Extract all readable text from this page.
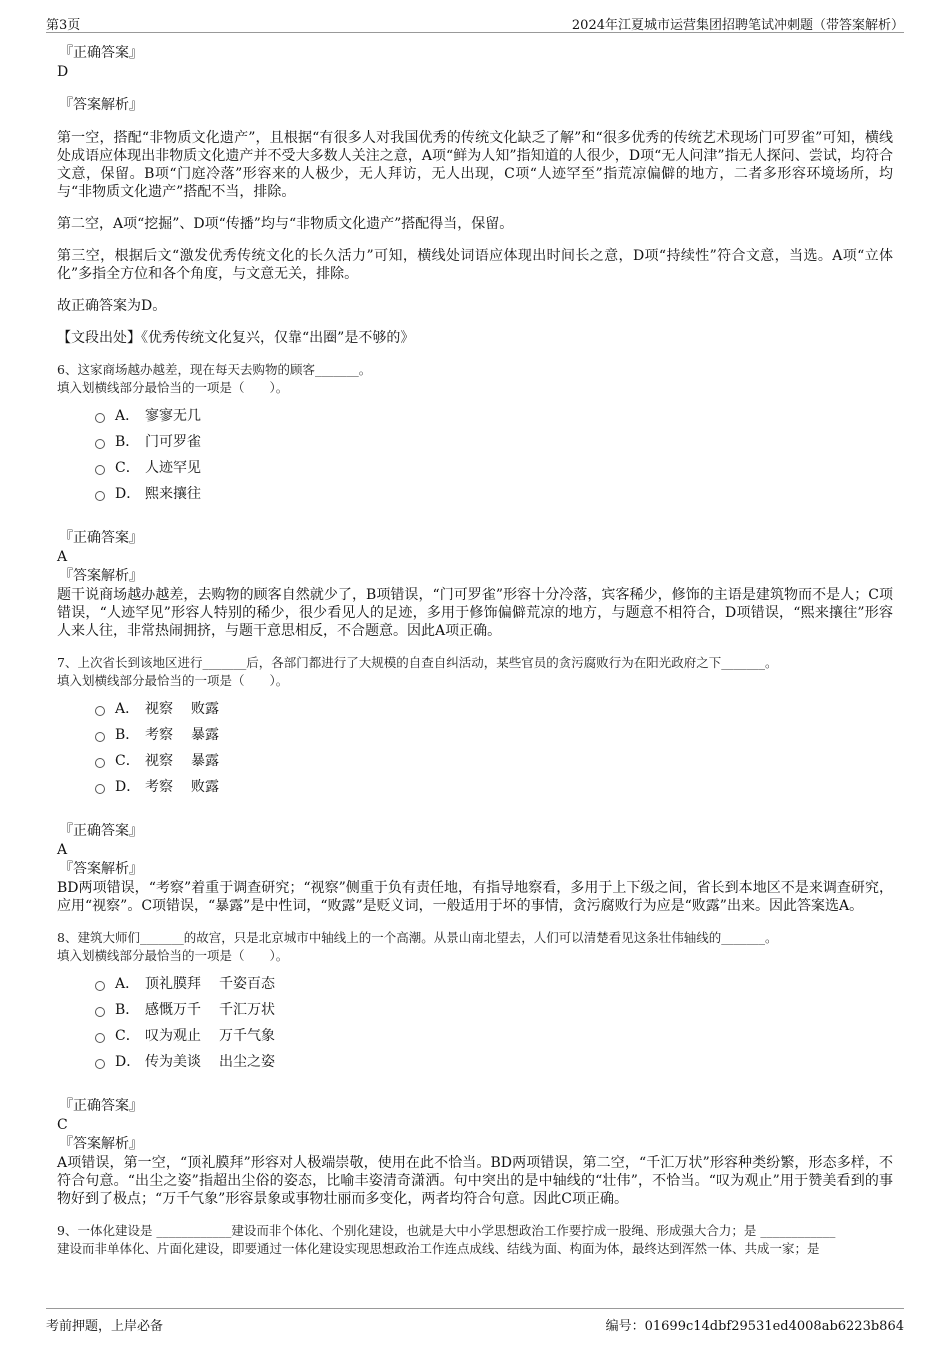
第3页	2024年江夏城市运营集团招聘笔试冲刺题（带答案解析）

『正确答案』

D

『答案解析』

第一空，搭配“非物质文化遗产”，且根据“有很多人对我国优秀的传统文化缺乏了解”和“很多优秀的传统艺术现场门可罗雀”可知，横线处成语应体现出非物质文化遗产并不受大多数人关注之意，A项“鲜为人知”指知道的人很少，D项“无人问津”指无人探问、尝试，均符合文意，保留。B项“门庭冷落”形容来的人极少，无人拜访，无人出现，C项“人迹罕至”指荒凉偏僻的地方，二者多形容环境场所，均与“非物质文化遗产”搭配不当，排除。

第二空，A项“挖掘”、D项“传播”均与“非物质文化遗产”搭配得当，保留。

第三空，根据后文“激发优秀传统文化的长久活力”可知，横线处词语应体现出时间长之意，D项“持续性”符合文意，当选。A项“立体化”多指全方位和各个角度，与文意无关，排除。

故正确答案为D。

【文段出处】《优秀传统文化复兴，仅靠“出圈”是不够的》

6、这家商场越办越差，现在每天去购物的顾客_______。

填入划横线部分最恰当的一项是（　　）。

A． 寥寥无几
B． 门可罗雀
C． 人迹罕见
D． 熙来攘往

『正确答案』

A

『答案解析』

题干说商场越办越差，去购物的顾客自然就少了，B项错误，“门可罗雀”形容十分冷落，宾客稀少，修饰的主语是建筑物而不是人；C项错误，“人迹罕见”形容人特别的稀少，很少看见人的足迹，多用于修饰偏僻荒凉的地方，与题意不相符合，D项错误，“熙来攘往”形容人来人往，非常热闹拥挤，与题干意思相反，不合题意。因此A项正确。

7、上次省长到该地区进行_______后，各部门都进行了大规模的自查自纠活动，某些官员的贪污腐败行为在阳光政府之下_______。

填入划横线部分最恰当的一项是（　　）。

A． 视察 败露
B． 考察 暴露
C． 视察 暴露
D． 考察 败露

『正确答案』

A

『答案解析』

BD两项错误，“考察”着重于调查研究；“视察”侧重于负有责任地，有指导地察看，多用于上下级之间，省长到本地区不是来调查研究，应用“视察”。C项错误，“暴露”是中性词，“败露”是贬义词，一般适用于坏的事情，贪污腐败行为应是“败露”出来。因此答案选A。

8、建筑大师们_______的故宫，只是北京城市中轴线上的一个高潮。从景山南北望去，人们可以清楚看见这条壮伟轴线的_______。

填入划横线部分最恰当的一项是（　　）。

A． 顶礼膜拜 千姿百态
B． 感慨万千 千汇万状
C． 叹为观止 万千气象
D． 传为美谈 出尘之姿

『正确答案』

C

『答案解析』

A项错误，第一空，“顶礼膜拜”形容对人极端崇敬，使用在此不恰当。BD两项错误，第二空，“千汇万状”形容种类纷繁，形态多样，不符合句意。“出尘之姿”指超出尘俗的姿态，比喻丰姿清奇潇洒。句中突出的是中轴线的“壮伟”，不恰当。“叹为观止”用于赞美看到的事物好到了极点；“万千气象”形容景象或事物壮丽而多变化，两者均符合句意。因此C项正确。

9、一体化建设是 ____________建设而非个体化、个别化建设，也就是大中小学思想政治工作要拧成一股绳、形成强大合力；是 ____________

建设而非单体化、片面化建设，即要通过一体化建设实现思想政治工作连点成线、结线为面、构面为体，最终达到浑然一体、共成一家；是

考前押题，上岸必备	编号：01699c14dbf29531ed4008ab6223b864
